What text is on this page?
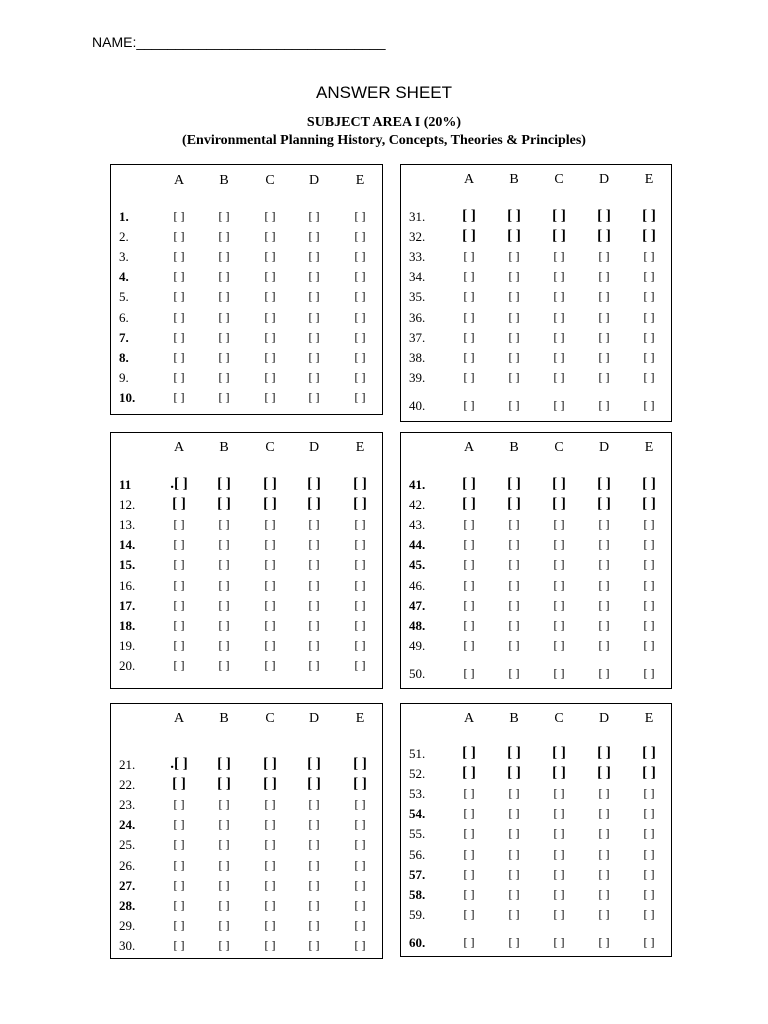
NAME:________________________________
ANSWER SHEET
SUBJECT AREA I (20%)
(Environmental Planning History, Concepts, Theories & Principles)
A	B	C	D	E
1.	[ ]	[ ]	[ ]	[ ]	[ ]
2.	[ ]	[ ]	[ ]	[ ]	[ ]
3.	[ ]	[ ]	[ ]	[ ]	[ ]
4.	[ ]	[ ]	[ ]	[ ]	[ ]
5.	[ ]	[ ]	[ ]	[ ]	[ ]
6.	[ ]	[ ]	[ ]	[ ]	[ ]
7.	[ ]	[ ]	[ ]	[ ]	[ ]
8.	[ ]	[ ]	[ ]	[ ]	[ ]
9.	[ ]	[ ]	[ ]	[ ]	[ ]
10.	[ ]	[ ]	[ ]	[ ]	[ ]
A	B	C	D	E
31. [ ] [ ] [ ] [ ] [ ]
32. [ ] [ ] [ ] [ ] [ ]
33.	[ ]	[ ]	[ ]	[ ]	[ ]
34.	[ ]	[ ]	[ ]	[ ]	[ ]
35.	[ ]	[ ]	[ ]	[ ]	[ ]
36.	[ ]	[ ]	[ ]	[ ]	[ ]
37.	[ ]	[ ]	[ ]	[ ]	[ ]
38.	[ ]	[ ]	[ ]	[ ]	[ ]
39.	[ ]	[ ]	[ ]	[ ]	[ ]
40.	[ ]	[ ]	[ ]	[ ]	[ ]
A	B	C	D	E
11	.[ ] [ ] [ ] [ ] [ ]
12. [ ] [ ] [ ] [ ] [ ]
13.	[ ]	[ ]	[ ]	[ ]	[ ]
14.	[ ]	[ ]	[ ]	[ ]	[ ]
15.	[ ]	[ ]	[ ]	[ ]	[ ]
16.	[ ]	[ ]	[ ]	[ ]	[ ]
17.	[ ]	[ ]	[ ]	[ ]	[ ]
18.	[ ]	[ ]	[ ]	[ ]	[ ]
19.	[ ]	[ ]	[ ]	[ ]	[ ]
20.	[ ]	[ ]	[ ]	[ ]	[ ]
A	B	C	D	E
41. [ ] [ ] [ ] [ ] [ ]
42. [ ] [ ] [ ] [ ] [ ]
43.	[ ]	[ ]	[ ]	[ ]	[ ]
44.	[ ]	[ ]	[ ]	[ ]	[ ]
45.	[ ]	[ ]	[ ]	[ ]	[ ]
46.	[ ]	[ ]	[ ]	[ ]	[ ]
47.	[ ]	[ ]	[ ]	[ ]	[ ]
48.	[ ]	[ ]	[ ]	[ ]	[ ]
49.	[ ]	[ ]	[ ]	[ ]	[ ]
50.	[ ]	[ ]	[ ]	[ ]	[ ]
A	B	C	D	E
21. .[ ] [ ] [ ] [ ] [ ]
22. [ ] [ ] [ ] [ ] [ ]
23.	[ ]	[ ]	[ ]	[ ]	[ ]
24.	[ ]	[ ]	[ ]	[ ]	[ ]
25.	[ ]	[ ]	[ ]	[ ]	[ ]
26.	[ ]	[ ]	[ ]	[ ]	[ ]
27.	[ ]	[ ]	[ ]	[ ]	[ ]
28.	[ ]	[ ]	[ ]	[ ]	[ ]
29.	[ ]	[ ]	[ ]	[ ]	[ ]
30.	[ ]	[ ]	[ ]	[ ]	[ ]
A	B	C	D	E
51. [ ] [ ] [ ] [ ] [ ]
52. [ ] [ ] [ ] [ ] [ ]
53.	[ ]	[ ]	[ ]	[ ]	[ ]
54.	[ ]	[ ]	[ ]	[ ]	[ ]
55.	[ ]	[ ]	[ ]	[ ]	[ ]
56.	[ ]	[ ]	[ ]	[ ]	[ ]
57.	[ ]	[ ]	[ ]	[ ]	[ ]
58.	[ ]	[ ]	[ ]	[ ]	[ ]
59.	[ ]	[ ]	[ ]	[ ]	[ ]
60.	[ ]	[ ]	[ ]	[ ]	[ ]
